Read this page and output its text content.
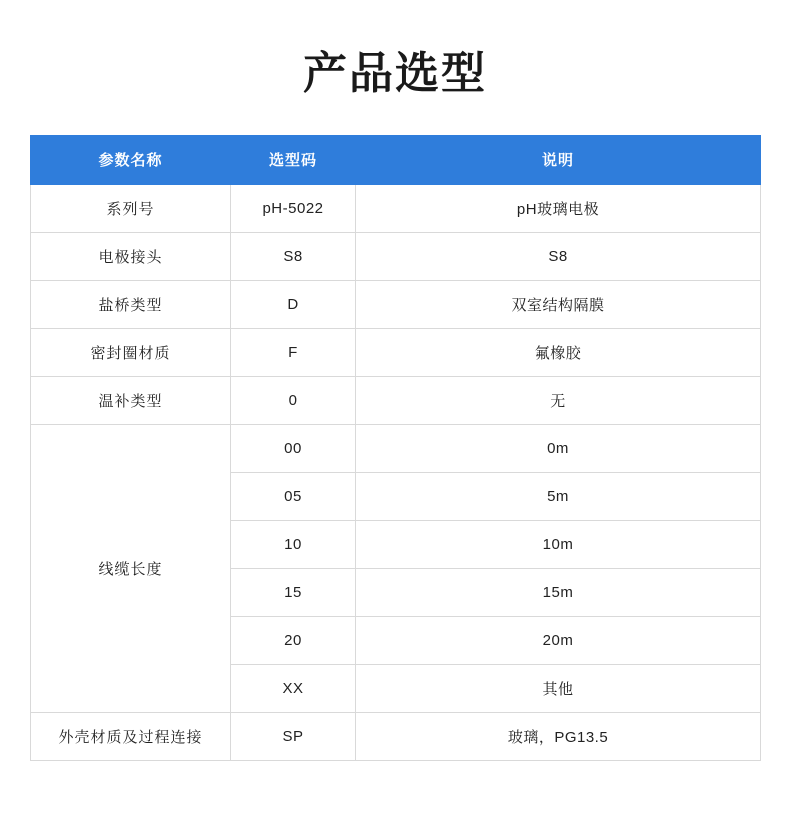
产品选型
参数名称	选型码	说明
系列号	pH-5022	pH玻璃电极
电极接头	S8	S8
盐桥类型	D	双室结构隔膜
密封圈材质	F	氟橡胶
温补类型	0	无
线缆长度	00	0m
	05	5m
	10	10m
	15	15m
	20	20m
	XX	其他
外壳材质及过程连接	SP	玻璃，PG13.5
